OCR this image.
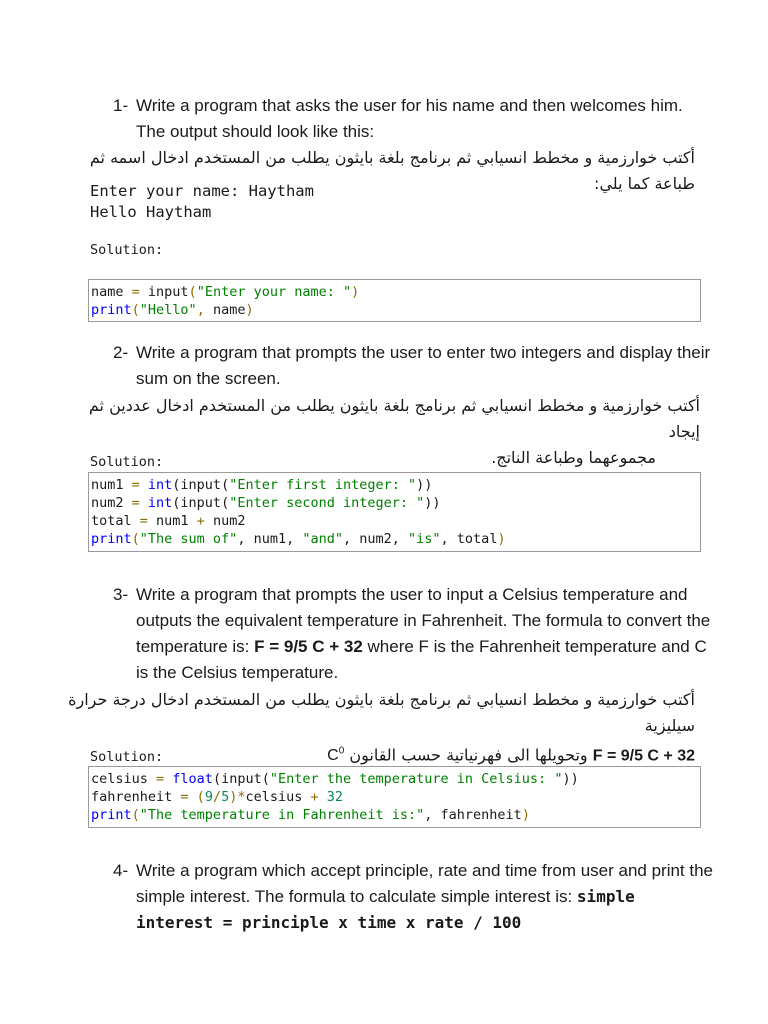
1- Write a program that asks the user for his name and then welcomes him. The output should look like this:
أكتب خوارزمية و مخطط انسيابي ثم برنامج بلغة بايثون يطلب من المستخدم ادخال اسمه ثم طباعة كما يلي:
Enter your name: Haytham
Hello Haytham
Solution:
name = input("Enter your name: ")
print("Hello", name)
2- Write a program that prompts the user to enter two integers and display their sum on the screen.
أكتب خوارزمية و مخطط انسيابي ثم برنامج بلغة بايثون يطلب من المستخدم ادخال عددين ثم إيجاد
مجموعهما وطباعة الناتج.
Solution:
num1 = int(input("Enter first integer: "))
num2 = int(input("Enter second integer: "))
total = num1 + num2
print("The sum of", num1, "and", num2, "is", total)
3- Write a program that prompts the user to input a Celsius temperature and outputs the equivalent temperature in Fahrenheit. The formula to convert the temperature is: F = 9/5 C + 32 where F is the Fahrenheit temperature and C is the Celsius temperature.
أكتب خوارزمية و مخطط انسيابي ثم برنامج بلغة بايثون يطلب من المستخدم ادخال درجة حرارة سيليزية
F = 9/5 C + 32 وتحويلها الى فهرنياتية حسب القانون $C^0$
Solution:
celsius = float(input("Enter the temperature in Celsius: "))
fahrenheit = (9/5)*celsius + 32
print("The temperature in Fahrenheit is:", fahrenheit)
4- Write a program which accept principle, rate and time from user and print the simple interest. The formula to calculate simple interest is: simple interest = principle x time x rate / 100
